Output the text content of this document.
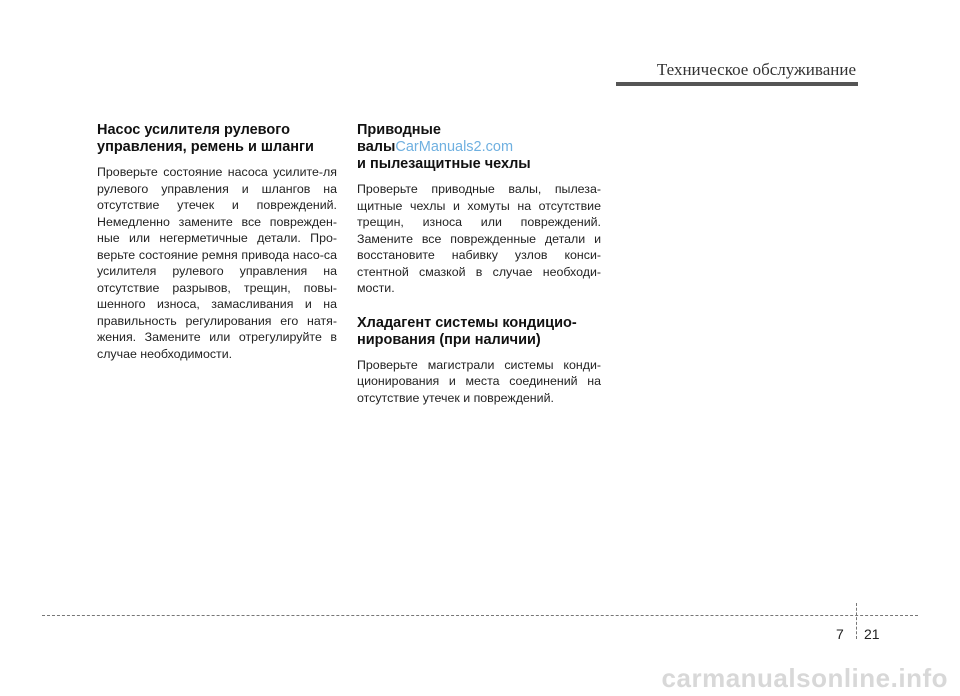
Техническое обслуживание
Насос усилителя рулевого
управления, ремень и шланги

Проверьте состояние насоса усилите-ля рулевого управления и шлангов на отсутствие утечек и повреждений. Немедленно замените все поврежден-ные или негерметичные детали. Про-верьте состояние ремня привода насо-са усилителя рулевого управления на отсутствие разрывов, трещин, повы-шенного износа, замасливания и на правильность регулирования его натя-жения. Замените или отрегулируйте в случае необходимости.

Приводные валыCarManuals2.com
и пылезащитные чехлы

Проверьте приводные валы, пылеза-щитные чехлы и хомуты на отсутствие трещин, износа или повреждений. Замените все поврежденные детали и восстановите набивку узлов конси-стентной смазкой в случае необходи-мости.

Хладагент системы кондицио-
нирования (при наличии)

Проверьте магистрали системы конди-ционирования и места соединений на отсутствие утечек и повреждений.

7 21
carmanualsonline.info
